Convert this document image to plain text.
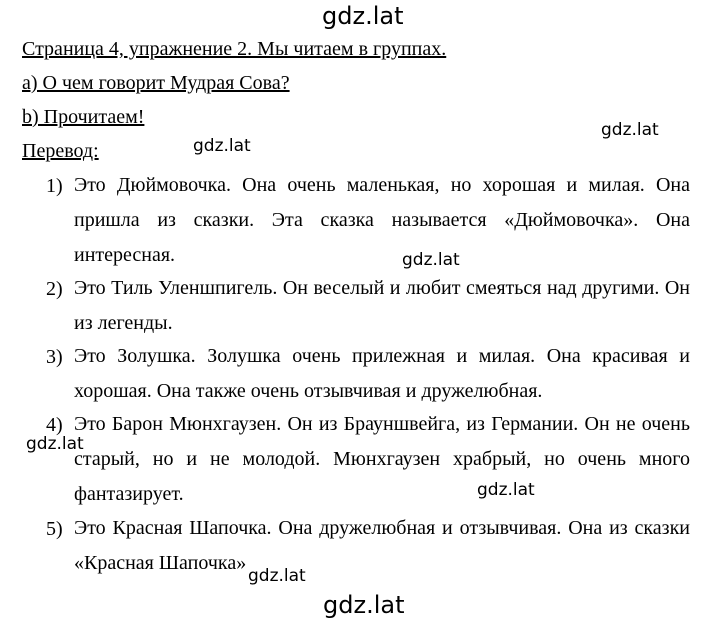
gdz.lat
gdz.lat
gdz.lat
gdz.lat
gdz.lat
gdz.lat
gdz.lat
gdz.lat
Страница 4, упражнение 2. Мы читаем в группах.
a) О чем говорит Мудрая Сова?
b) Прочитаем!
Перевод:
1) Это Дюймовочка. Она очень маленькая, но хорошая и милая. Она пришла из сказки. Эта сказка называется «Дюймовочка». Она интересная.
2) Это Тиль Уленшпигель. Он веселый и любит смеяться над другими. Он из легенды.
3) Это Золушка. Золушка очень прилежная и милая. Она красивая и хорошая. Она также очень отзывчивая и дружелюбная.
4) Это Барон Мюнхгаузен. Он из Брауншвейга, из Германии. Он не очень старый, но и не молодой. Мюнхгаузен храбрый, но очень много фантазирует.
5) Это Красная Шапочка. Она дружелюбная и отзывчивая. Она из сказки «Красная Шапочка»
